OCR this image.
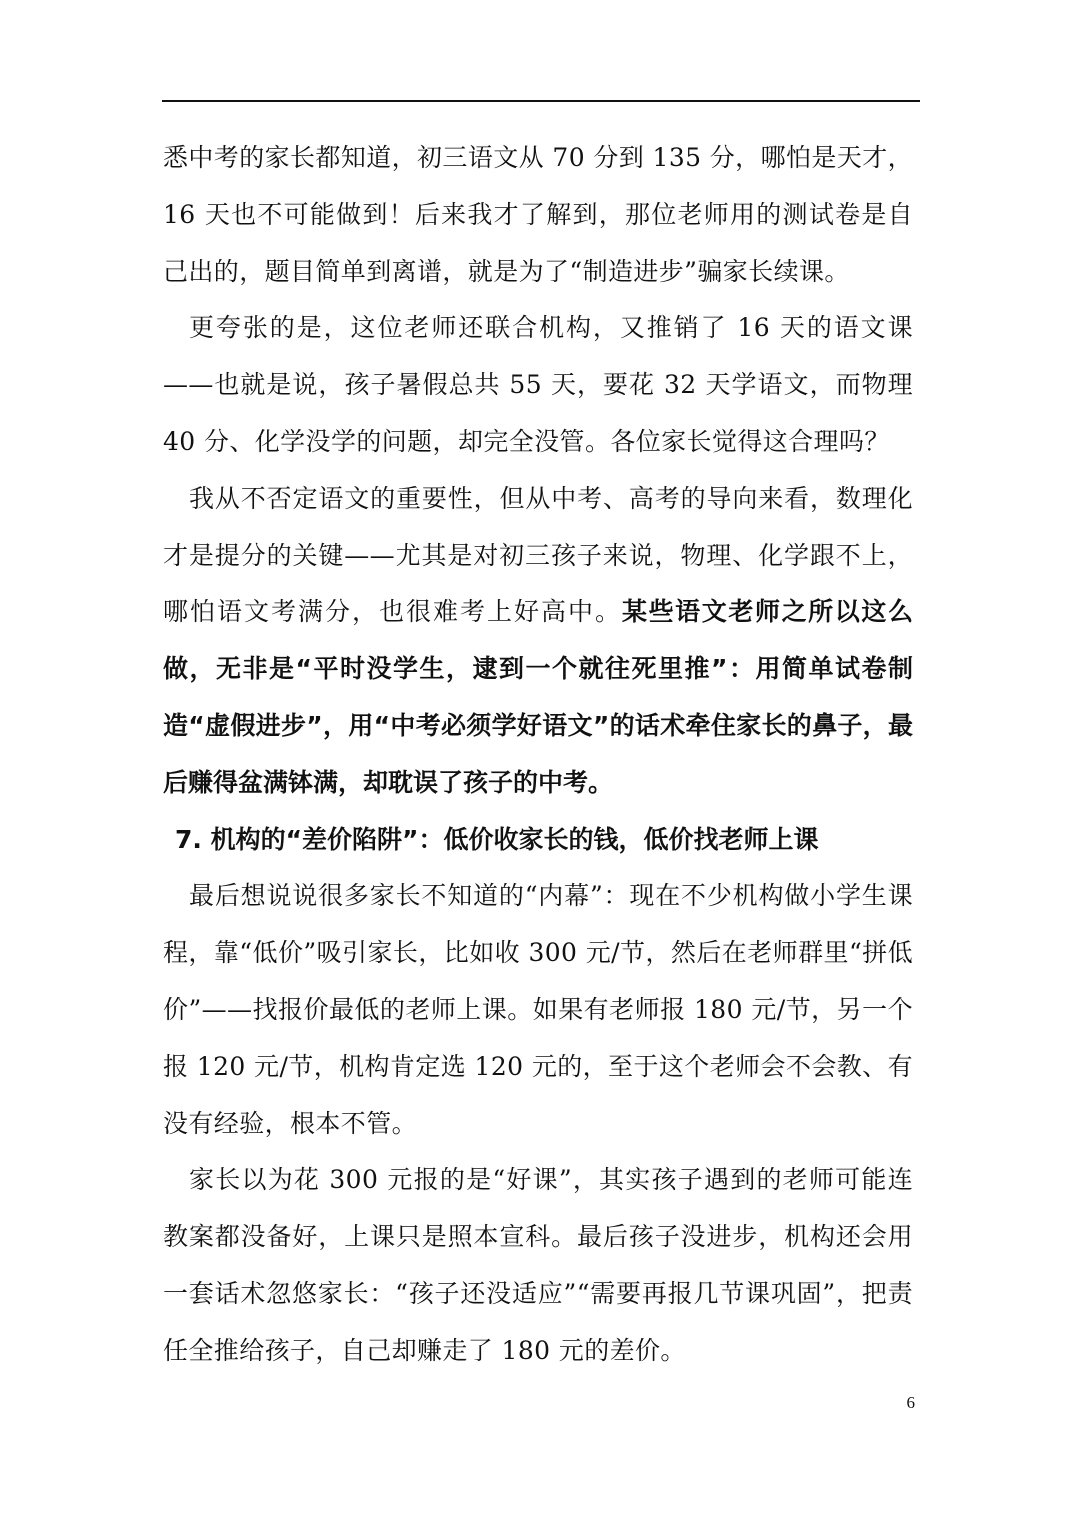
悉中考的家长都知道，初三语文从 70 分到 135 分，哪怕是天才，16 天也不可能做到！后来我才了解到，那位老师用的测试卷是自己出的，题目简单到离谱，就是为了“制造进步”骗家长续课。

更夸张的是，这位老师还联合机构，又推销了 16 天的语文课——也就是说，孩子暑假总共 55 天，要花 32 天学语文，而物理 40 分、化学没学的问题，却完全没管。各位家长觉得这合理吗？

我从不否定语文的重要性，但从中考、高考的导向来看，数理化才是提分的关键——尤其是对初三孩子来说，物理、化学跟不上，哪怕语文考满分，也很难考上好高中。某些语文老师之所以这么做，无非是“平时没学生，逮到一个就往死里推”：用简单试卷制造“虚假进步”，用“中考必须学好语文”的话术牵住家长的鼻子，最后赚得盆满钵满，却耽误了孩子的中考。

7. 机构的“差价陷阱”：低价收家长的钱，低价找老师上课

最后想说说很多家长不知道的“内幕”：现在不少机构做小学生课程，靠“低价”吸引家长，比如收 300 元/节，然后在老师群里“拼低价”——找报价最低的老师上课。如果有老师报 180 元/节，另一个报 120 元/节，机构肯定选 120 元的，至于这个老师会不会教、有没有经验，根本不管。

家长以为花 300 元报的是“好课”，其实孩子遇到的老师可能连教案都没备好，上课只是照本宣科。最后孩子没进步，机构还会用一套话术忽悠家长：“孩子还没适应”“需要再报几节课巩固”，把责任全推给孩子，自己却赚走了 180 元的差价。

6
